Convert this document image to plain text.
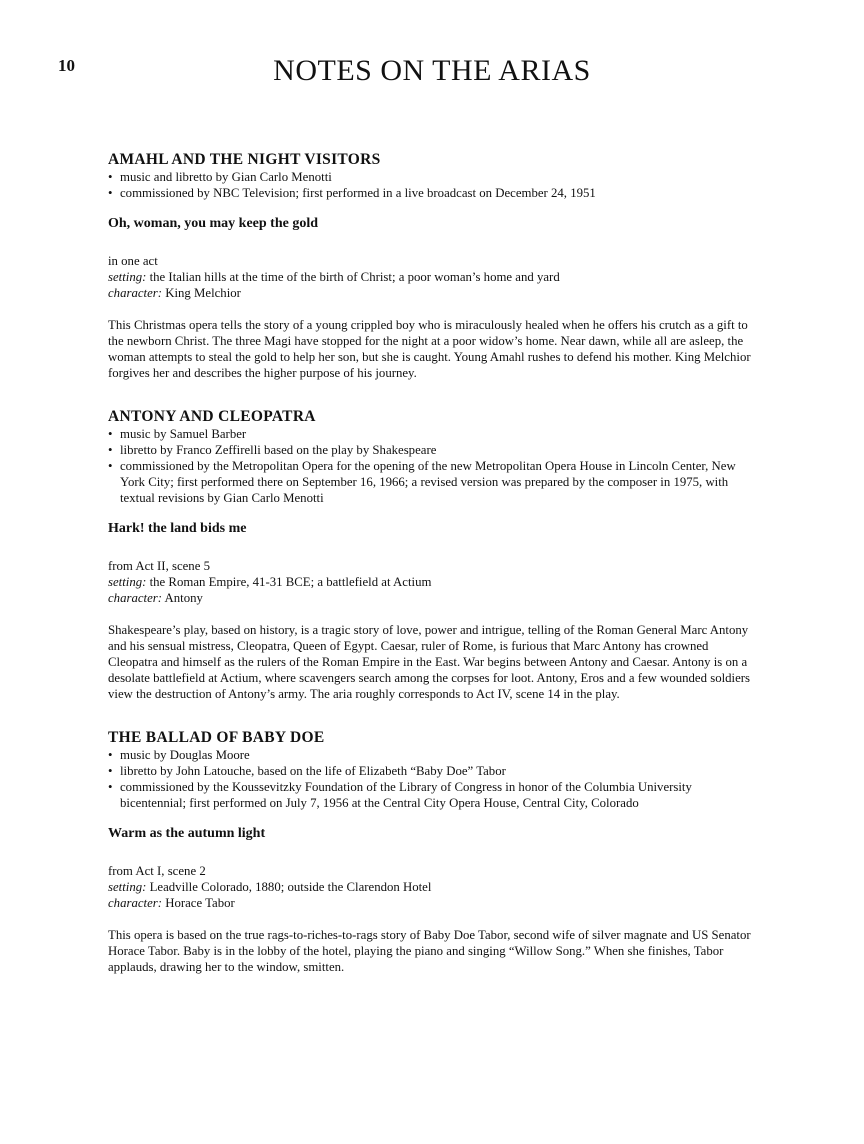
10	NOTES ON THE ARIAS
AMAHL AND THE NIGHT VISITORS
• music and libretto by Gian Carlo Menotti
• commissioned by NBC Television; first performed in a live broadcast on December 24, 1951
Oh, woman, you may keep the gold

in one act

setting: the Italian hills at the time of the birth of Christ; a poor woman’s home and yard

character: King Melchior

This Christmas opera tells the story of a young crippled boy who is miraculously healed when he offers his crutch as a gift to the newborn Christ. The three Magi have stopped for the night at a poor widow’s home. Near dawn, while all are asleep, the woman attempts to steal the gold to help her son, but she is caught. Young Amahl rushes to defend his mother. King Melchior forgives her and describes the higher purpose of his journey.

ANTONY AND CLEOPATRA
• music by Samuel Barber
• libretto by Franco Zeffirelli based on the play by Shakespeare
• commissioned by the Metropolitan Opera for the opening of the new Metropolitan Opera House in Lincoln Center, New York City; first performed there on September 16, 1966; a revised version was prepared by the composer in 1975, with textual revisions by Gian Carlo Menotti
Hark! the land bids me

from Act II, scene 5

setting: the Roman Empire, 41-31 BCE; a battlefield at Actium

character: Antony

Shakespeare’s play, based on history, is a tragic story of love, power and intrigue, telling of the Roman General Marc Antony and his sensual mistress, Cleopatra, Queen of Egypt. Caesar, ruler of Rome, is furious that Marc Antony has crowned Cleopatra and himself as the rulers of the Roman Empire in the East. War begins between Antony and Caesar. Antony is on a desolate battlefield at Actium, where scavengers search among the corpses for loot. Antony, Eros and a few wounded soldiers view the destruction of Antony’s army. The aria roughly corresponds to Act IV, scene 14 in the play.

THE BALLAD OF BABY DOE
• music by Douglas Moore
• libretto by John Latouche, based on the life of Elizabeth “Baby Doe” Tabor
• commissioned by the Koussevitzky Foundation of the Library of Congress in honor of the Columbia University bicentennial; first performed on July 7, 1956 at the Central City Opera House, Central City, Colorado
Warm as the autumn light

from Act I, scene 2

setting: Leadville Colorado, 1880; outside the Clarendon Hotel

character: Horace Tabor

This opera is based on the true rags-to-riches-to-rags story of Baby Doe Tabor, second wife of silver magnate and US Senator Horace Tabor. Baby is in the lobby of the hotel, playing the piano and singing “Willow Song.” When she finishes, Tabor applauds, drawing her to the window, smitten.
